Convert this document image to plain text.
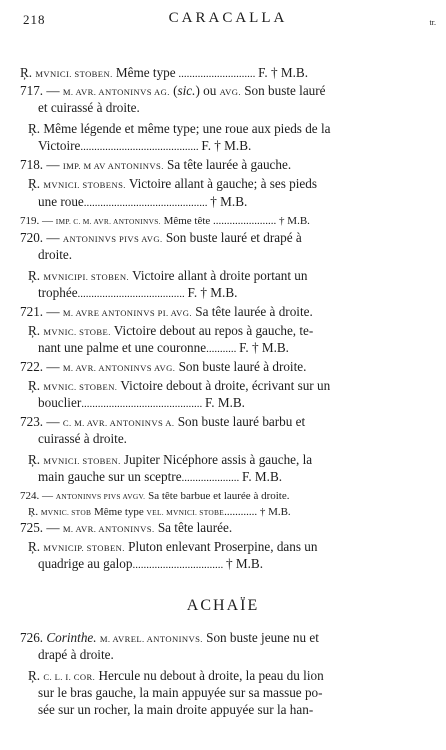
218	CARACALLA	tr.
Ŗ. MVNICI. STOBEN. Même type ............................ F. † M.B.
717. — M. AVR. ANTONINVS AG. (sic.) ou AVG. Son buste lauré
et cuirassé à droite.
Ŗ. Même légende et même type; une roue aux pieds de la
Victoire........................................... F. † M.B.
718. — IMP. M AV ANTONINVS. Sa tête laurée à gauche.
Ŗ. MVNICI. STOBENS. Victoire allant à gauche; à ses pieds
une roue............................................. † M.B.
719. — IMP. C. M. AVR. ANTONINVS. Même tête ....................... † M.B.
720. — ANTONINVS PIVS AVG. Son buste lauré et drapé à
droite.
Ŗ. MVNICIPI. STOBEN. Victoire allant à droite portant un
trophée....................................... F. † M.B.
721. — M. AVRE ANTONINVS PI. AVG. Sa tête laurée à droite.
Ŗ. MVNIC. STOBE. Victoire debout au repos à gauche, te-
nant une palme et une couronne........... F. † M.B.
722. — M. AVR. ANTONINVS AVG. Son buste lauré à droite.
Ŗ. MVNIC. STOBEN. Victoire debout à droite, écrivant sur un
bouclier............................................ F. M.B.
723. — C. M. AVR. ANTONINVS A. Son buste lauré barbu et
cuirassé à droite.
Ŗ. MVNICI. STOBEN. Jupiter Nicéphore assis à gauche, la
main gauche sur un sceptre..................... F. M.B.
724. — ANTONINVS PIVS AVGV. Sa tête barbue et laurée à droite.
Ŗ. MVNIC. STOB Même type VEL. MVNICI. STOBE............ † M.B.
725. — M. AVR. ANTONINVS. Sa tête laurée.
Ŗ. MVNICIP. STOBEN. Pluton enlevant Proserpine, dans un
quadrige au galop................................. † M.B.
726. Corinthe. M. AVREL. ANTONINVS. Son buste jeune nu et
drapé à droite.
Ŗ. C. L. I. COR. Hercule nu debout à droite, la peau du lion
sur le bras gauche, la main appuyée sur sa massue po-
sée sur un rocher, la main droite appuyée sur la han-
ACHAÏE
